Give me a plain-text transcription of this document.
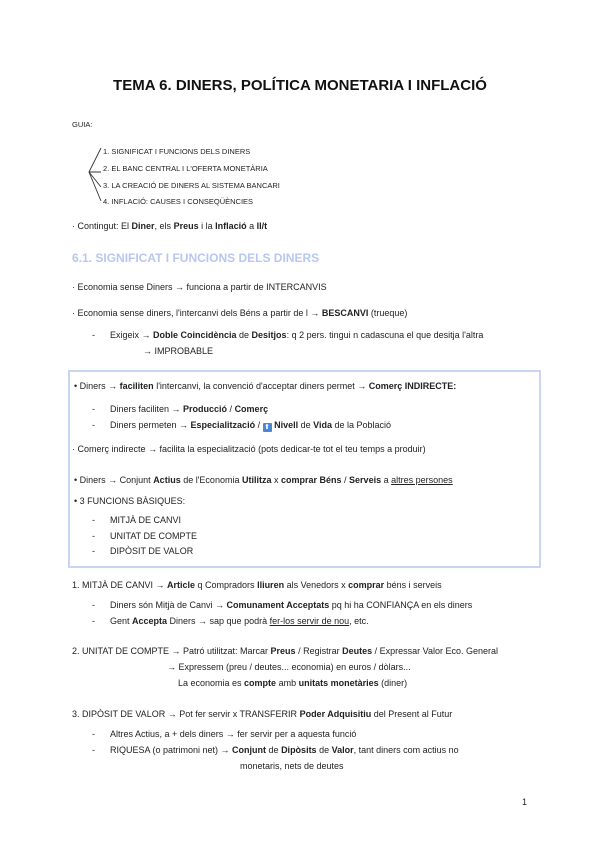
TEMA 6. DINERS, POLÍTICA MONETARIA I INFLACIÓ
GUIA:
1. SIGNIFICAT I FUNCIONS DELS DINERS
2. EL BANC CENTRAL I L'OFERTA MONETÀRIA
3. LA CREACIÓ DE DINERS AL SISTEMA BANCARI
4. INFLACIÓ: CAUSES I CONSEQÜÈNCIES
· Contingut: El Diner, els Preus i la Inflació a ll/t
6.1. SIGNIFICAT I FUNCIONS DELS DINERS
· Economia sense Diners → funciona a partir de INTERCANVIS
· Economia sense diners, l'intercanvi dels Béns a partir de l → BESCANVI (trueque)
- Exigeix → Doble Coincidència de Desitjos: q 2 pers. tingui n cadascuna el que desitja l'altra
→ IMPROBABLE
• Diners → faciliten l'intercanvi, la convenció d'acceptar diners permet → Comerç INDIRECTE:
- Diners faciliten → Producció / Comerç
- Diners permeten → Especialització / ⬆ Nivell de Vida de la Població
· Comerç indirecte → facilita la especialització (pots dedicar-te tot el teu temps a produir)
• Diners → Conjunt Actius de l'Economia Utilitza x comprar Béns / Serveis a altres persones
• 3 FUNCIONS BÀSIQUES:
- MITJÀ DE CANVI
- UNITAT DE COMPTE
- DIPÒSIT DE VALOR
1. MITJÀ DE CANVI → Article q Compradors lliuren als Venedors x comprar béns i serveis
- Diners són Mitjà de Canvi → Comunament Acceptats pq hi ha CONFIANÇA en els diners
- Gent Accepta Diners → sap que podrà fer-los servir de nou, etc.
2. UNITAT DE COMPTE → Patró utilitzat: Marcar Preus / Registrar Deutes / Expressar Valor Eco. General
→ Expressem (preu / deutes... economia) en euros / dòlars...
La economia es compte amb unitats monetàries (diner)
3. DIPÒSIT DE VALOR → Pot fer servir x TRANSFERIR Poder Adquisitiu del Present al Futur
- Altres Actius, a + dels diners → fer servir per a aquesta funció
- RIQUESA (o patrimoni net) → Conjunt de Dipòsits de Valor, tant diners com actius no
monetaris, nets de deutes
1
